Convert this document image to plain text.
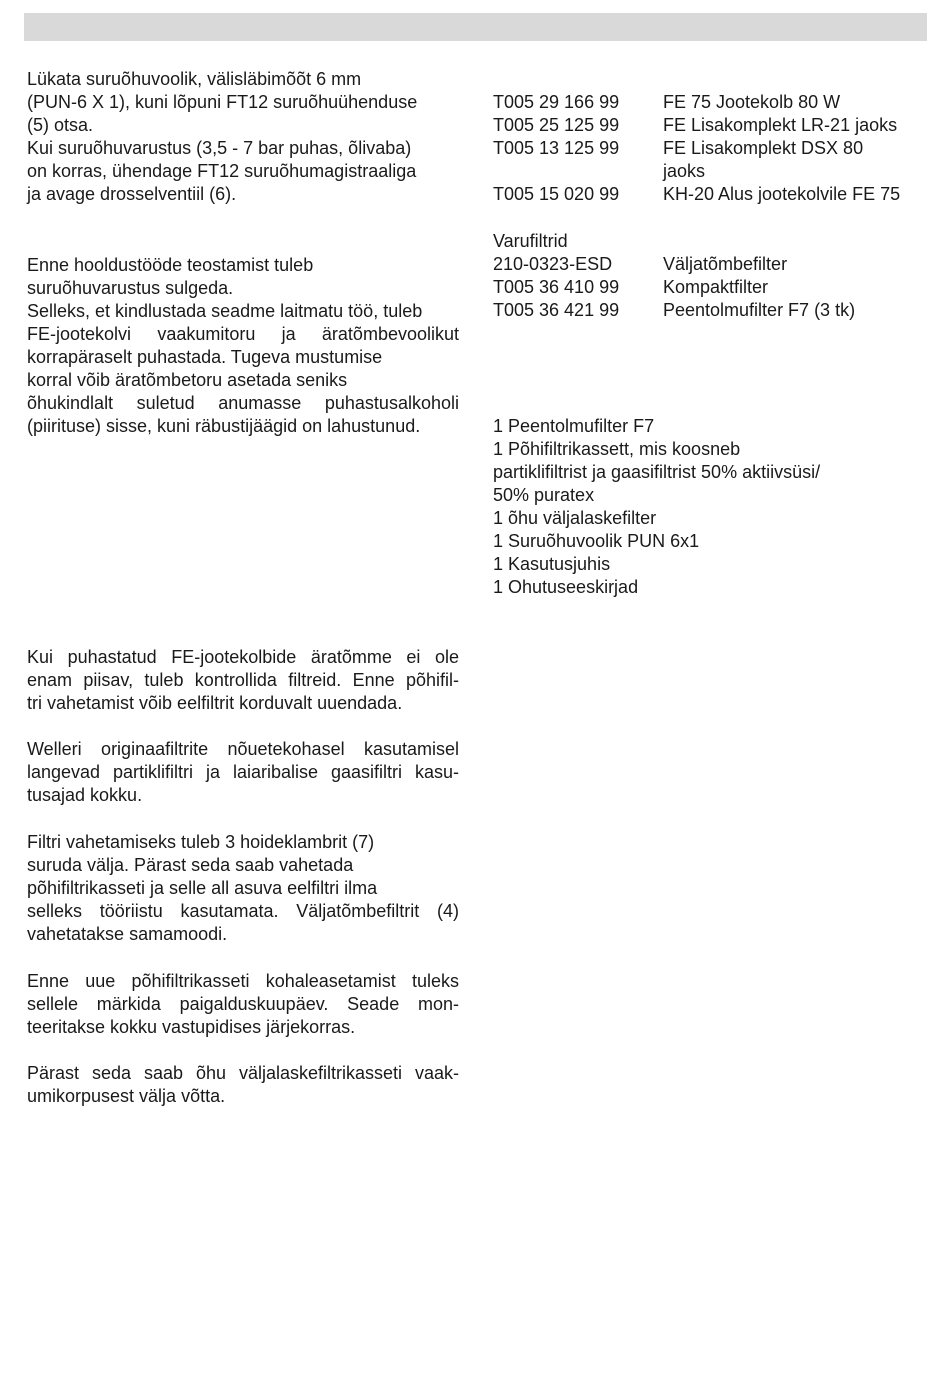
Lükata suruõhuvoolik, välisläbimõõt 6 mm
(PUN-6 X 1), kuni lõpuni FT12 suruõhuühenduse
(5) otsa.
Kui suruõhuvarustus (3,5 - 7 bar puhas, õlivaba)
on korras, ühendage FT12 suruõhumagistraaliga
ja avage drosselventiil (6).
Enne hooldustööde teostamist tuleb
suruõhuvarustus sulgeda.
Selleks, et kindlustada seadme laitmatu töö, tuleb
FE-jootekolvi vaakumitoru ja äratõmbevoolikut
korrapäraselt puhastada. Tugeva mustumise
korral võib äratõmbetoru asetada seniks
õhukindlalt suletud anumasse puhastusalkoholi
(piirituse) sisse, kuni räbustijäägid on lahustunud.
Kui puhastatud FE-jootekolbide äratõmme ei ole
enam piisav, tuleb kontrollida filtreid. Enne põhifil-
tri vahetamist võib eelfiltrit korduvalt uuendada.
Welleri originaafiltrite nõuetekohasel kasutamisel
langevad partiklifiltri ja laiaribalise gaasifiltri kasu-
tusajad kokku.
Filtri vahetamiseks tuleb 3 hoideklambrit (7)
suruda välja. Pärast seda saab vahetada
põhifiltrikasseti ja selle all asuva eelfiltri ilma
selleks tööriistu kasutamata. Väljatõmbefiltrit (4)
vahetatakse samamoodi.
Enne uue põhifiltrikasseti kohaleasetamist tuleks
sellele märkida paigalduskuupäev. Seade mon-
teeritakse kokku vastupidises järjekorras.
Pärast seda saab õhu väljalaskefiltrikasseti vaak-
umikorpusest välja võtta.
T005 29 166 99	FE 75 Jootekolb 80 W
T005 25 125 99	FE Lisakomplekt LR-21 jaoks
T005 13 125 99	FE Lisakomplekt DSX 80
jaoks
T005 15 020 99	KH-20 Alus jootekolvile FE 75
Varufiltrid
210-0323-ESD	Väljatõmbefilter
T005 36 410 99	Kompaktfilter
T005 36 421 99	Peentolmufilter F7 (3 tk)
1 Peentolmufilter F7
1 Põhifiltrikassett, mis koosneb
partiklifiltrist ja gaasifiltrist 50% aktiivsüsi/
50% puratex
1 õhu väljalaskefilter
1 Suruõhuvoolik PUN 6x1
1 Kasutusjuhis
1 Ohutuseeskirjad
